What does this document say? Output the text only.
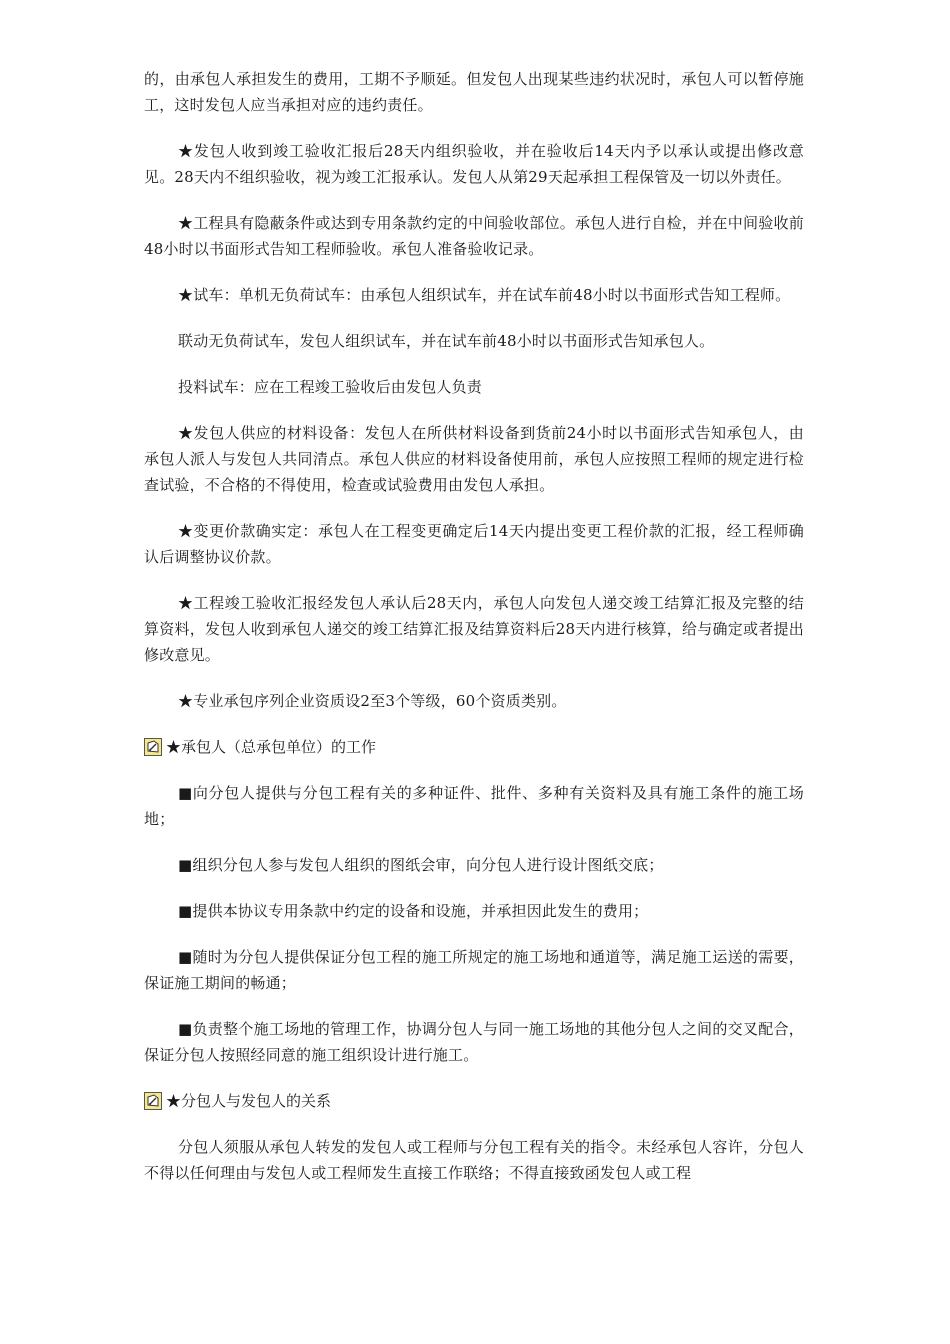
的，由承包人承担发生的费用，工期不予顺延。但发包人出现某些违约状况时，承包人可以暂停施工，这时发包人应当承担对应的违约责任。

★发包人收到竣工验收汇报后28天内组织验收，并在验收后14天内予以承认或提出修改意见。28天内不组织验收，视为竣工汇报承认。发包人从第29天起承担工程保管及一切以外责任。

★工程具有隐蔽条件或达到专用条款约定的中间验收部位。承包人进行自检，并在中间验收前48小时以书面形式告知工程师验收。承包人准备验收记录。

★试车：单机无负荷试车：由承包人组织试车，并在试车前48小时以书面形式告知工程师。

联动无负荷试车，发包人组织试车，并在试车前48小时以书面形式告知承包人。

投料试车：应在工程竣工验收后由发包人负责

★发包人供应的材料设备：发包人在所供材料设备到货前24小时以书面形式告知承包人，由承包人派人与发包人共同清点。承包人供应的材料设备使用前，承包人应按照工程师的规定进行检查试验，不合格的不得使用，检查或试验费用由发包人承担。

★变更价款确实定：承包人在工程变更确定后14天内提出变更工程价款的汇报，经工程师确认后调整协议价款。

★工程竣工验收汇报经发包人承认后28天内，承包人向发包人递交竣工结算汇报及完整的结算资料，发包人收到承包人递交的竣工结算汇报及结算资料后28天内进行核算，给与确定或者提出修改意见。

★专业承包序列企业资质设2至3个等级，60个资质类别。

★承包人（总承包单位）的工作

■向分包人提供与分包工程有关的多种证件、批件、多种有关资料及具有施工条件的施工场地；

■组织分包人参与发包人组织的图纸会审，向分包人进行设计图纸交底；

■提供本协议专用条款中约定的设备和设施，并承担因此发生的费用；

■随时为分包人提供保证分包工程的施工所规定的施工场地和通道等，满足施工运送的需要，保证施工期间的畅通；

■负责整个施工场地的管理工作，协调分包人与同一施工场地的其他分包人之间的交叉配合，保证分包人按照经同意的施工组织设计进行施工。

★分包人与发包人的关系

分包人须服从承包人转发的发包人或工程师与分包工程有关的指令。未经承包人容许，分包人不得以任何理由与发包人或工程师发生直接工作联络；不得直接致函发包人或工程
